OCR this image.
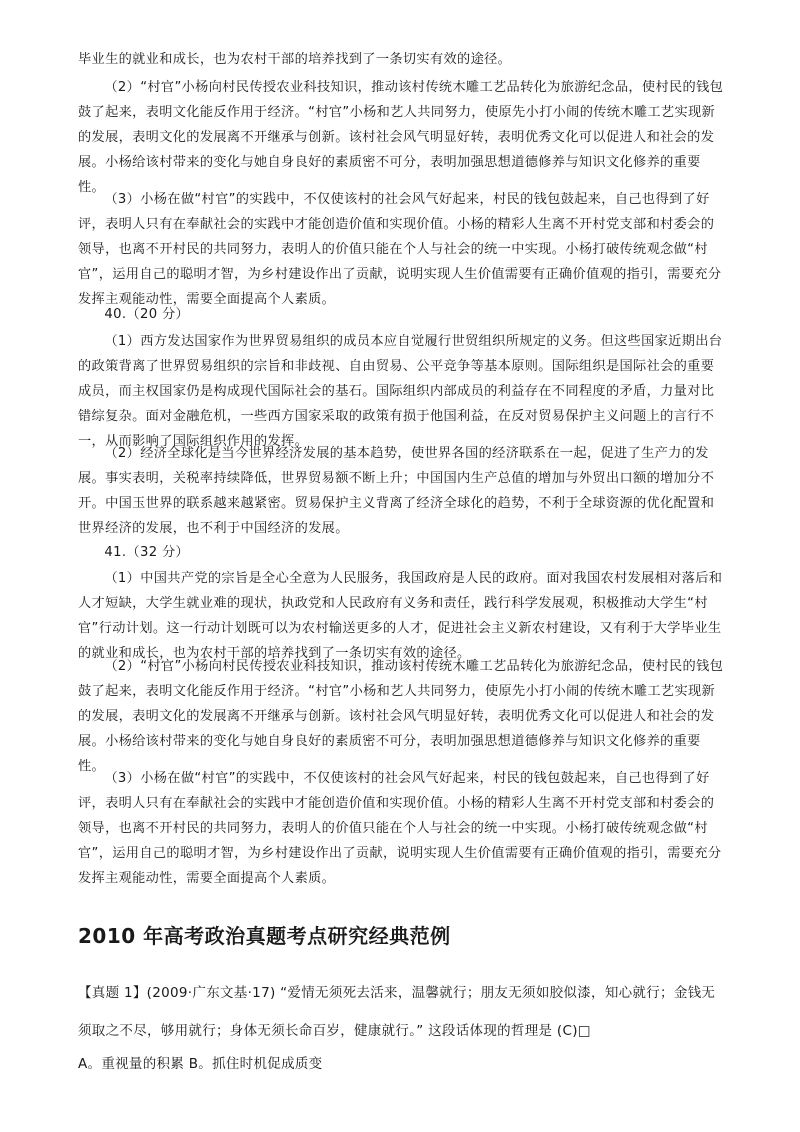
毕业生的就业和成长，也为农村干部的培养找到了一条切实有效的途径。

（2）“村官”小杨向村民传授农业科技知识，推动该村传统木雕工艺品转化为旅游纪念品，使村民的钱包鼓了起来，表明文化能反作用于经济。“村官”小杨和艺人共同努力，使原先小打小闹的传统木雕工艺实现新的发展，表明文化的发展离不开继承与创新。该村社会风气明显好转，表明优秀文化可以促进人和社会的发展。小杨给该村带来的变化与她自身良好的素质密不可分，表明加强思想道德修养与知识文化修养的重要性。

（3）小杨在做“村官”的实践中，不仅使该村的社会风气好起来，村民的钱包鼓起来，自己也得到了好评，表明人只有在奉献社会的实践中才能创造价值和实现价值。小杨的精彩人生离不开村党支部和村委会的领导，也离不开村民的共同努力，表明人的价值只能在个人与社会的统一中实现。小杨打破传统观念做“村官”，运用自己的聪明才智，为乡村建设作出了贡献，说明实现人生价值需要有正确价值观的指引，需要充分发挥主观能动性，需要全面提高个人素质。

40.（20 分）

（1）西方发达国家作为世界贸易组织的成员本应自觉履行世贸组织所规定的义务。但这些国家近期出台的政策背离了世界贸易组织的宗旨和非歧视、自由贸易、公平竞争等基本原则。国际组织是国际社会的重要成员，而主权国家仍是构成现代国际社会的基石。国际组织内部成员的利益存在不同程度的矛盾，力量对比错综复杂。面对金融危机，一些西方国家采取的政策有损于他国利益，在反对贸易保护主义问题上的言行不一，从而影响了国际组织作用的发挥。

（2）经济全球化是当今世界经济发展的基本趋势，使世界各国的经济联系在一起，促进了生产力的发展。事实表明，关税率持续降低，世界贸易额不断上升；中国国内生产总值的增加与外贸出口额的增加分不开。中国玉世界的联系越来越紧密。贸易保护主义背离了经济全球化的趋势，不利于全球资源的优化配置和世界经济的发展，也不利于中国经济的发展。

41.（32 分）

（1）中国共产党的宗旨是全心全意为人民服务，我国政府是人民的政府。面对我国农村发展相对落后和人才短缺，大学生就业难的现状，执政党和人民政府有义务和责任，践行科学发展观，积极推动大学生“村官”行动计划。这一行动计划既可以为农村输送更多的人才，促进社会主义新农村建设，又有利于大学毕业生的就业和成长，也为农村干部的培养找到了一条切实有效的途径。

（2）“村官”小杨向村民传授农业科技知识，推动该村传统木雕工艺品转化为旅游纪念品，使村民的钱包鼓了起来，表明文化能反作用于经济。“村官”小杨和艺人共同努力，使原先小打小闹的传统木雕工艺实现新的发展，表明文化的发展离不开继承与创新。该村社会风气明显好转，表明优秀文化可以促进人和社会的发展。小杨给该村带来的变化与她自身良好的素质密不可分，表明加强思想道德修养与知识文化修养的重要性。

（3）小杨在做“村官”的实践中，不仅使该村的社会风气好起来，村民的钱包鼓起来，自己也得到了好评，表明人只有在奉献社会的实践中才能创造价值和实现价值。小杨的精彩人生离不开村党支部和村委会的领导，也离不开村民的共同努力，表明人的价值只能在个人与社会的统一中实现。小杨打破传统观念做“村官”，运用自己的聪明才智，为乡村建设作出了贡献，说明实现人生价值需要有正确价值观的指引，需要充分发挥主观能动性，需要全面提高个人素质。

2010 年高考政治真题考点研究经典范例

【真题 1】(2009·广东文基·17) “爱情无须死去活来，温馨就行；朋友无须如胶似漆，知心就行；金钱无须取之不尽，够用就行；身体无须长命百岁，健康就行。” 这段话体现的哲理是 (C)□

A。重视量的积累 B。抓住时机促成质变
